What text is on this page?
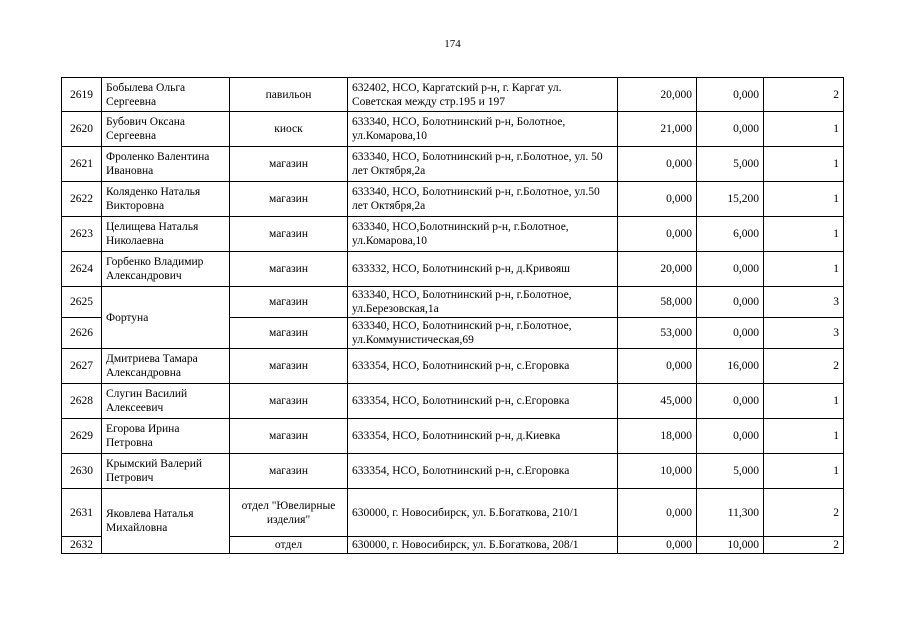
174
2619	Бобылева Ольга Сергеевна	павильон	632402, НСО, Каргатский р-н, г. Каргат ул. Советская между стр.195 и 197	20,000	0,000	2
2620	Бубович Оксана Сергеевна	киоск	633340, НСО, Болотнинский р-н, Болотное, ул.Комарова,10	21,000	0,000	1
2621	Фроленко Валентина Ивановна	магазин	633340, НСО, Болотнинский р-н, г.Болотное, ул. 50 лет Октября,2а	0,000	5,000	1
2622	Коляденко Наталья Викторовна	магазин	633340, НСО, Болотнинский р-н, г.Болотное, ул.50 лет Октября,2а	0,000	15,200	1
2623	Целищева Наталья Николаевна	магазин	633340, НСО,Болотнинский р-н, г.Болотное, ул.Комарова,10	0,000	6,000	1
2624	Горбенко Владимир Александрович	магазин	633332, НСО, Болотнинский р-н, д.Кривояш	20,000	0,000	1
2625	Фортуна	магазин	633340, НСО, Болотнинский р-н, г.Болотное, ул.Березовская,1а	58,000	0,000	3
2626		магазин	633340, НСО, Болотнинский р-н, г.Болотное, ул.Коммунистическая,69	53,000	0,000	3
2627	Дмитриева Тамара Александровна	магазин	633354, НСО, Болотнинский р-н, с.Егоровка	0,000	16,000	2
2628	Слугин Василий Алексеевич	магазин	633354, НСО, Болотнинский р-н, с.Егоровка	45,000	0,000	1
2629	Егорова Ирина Петровна	магазин	633354, НСО, Болотнинский р-н, д.Киевка	18,000	0,000	1
2630	Крымский Валерий Петрович	магазин	633354, НСО, Болотнинский р-н, с.Егоровка	10,000	5,000	1
2631	Яковлева Наталья Михайловна	отдел "Ювелирные изделия"	630000, г. Новосибирск, ул. Б.Богаткова, 210/1	0,000	11,300	2
2632		отдел	630000, г. Новосибирск, ул. Б.Богаткова, 208/1	0,000	10,000	2
